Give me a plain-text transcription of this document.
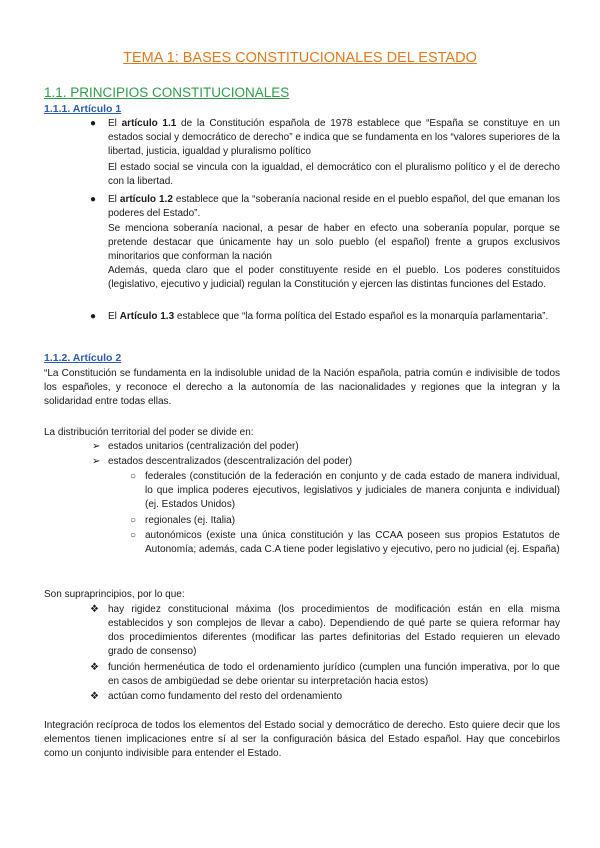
TEMA 1: BASES CONSTITUCIONALES DEL ESTADO
1.1. PRINCIPIOS CONSTITUCIONALES
1.1.1. Artículo 1
● El artículo 1.1 de la Constitución española de 1978 establece que “España se constituye en un estados social y democrático de derecho” e indica que se fundamenta en los “valores superiores de la libertad, justicia, igualdad y pluralismo político
El estado social se vincula con la igualdad, el democrático con el pluralismo político y el de derecho con la libertad.
● El artículo 1.2 establece que la “soberanía nacional reside en el pueblo español, del que emanan los poderes del Estado”.
Se menciona soberanía nacional, a pesar de haber en efecto una soberanía popular, porque se pretende destacar que únicamente hay un solo pueblo (el español) frente a grupos exclusivos minoritarios que conforman la nación
Además, queda claro que el poder constituyente reside en el pueblo. Los poderes constituidos (legislativo, ejecutivo y judicial) regulan la Constitución y ejercen las distintas funciones del Estado.
● El Artículo 1.3 establece que “la forma política del Estado español es la monarquía parlamentaria”.
1.1.2. Artículo 2
“La Constitución se fundamenta en la indisoluble unidad de la Nación española, patria común e indivisible de todos los españoles, y reconoce el derecho a la autonomía de las nacionalidades y regiones que la integran y la solidaridad entre todas ellas.
La distribución territorial del poder se divide en:
➢ estados unitarios (centralización del poder)
➢ estados descentralizados (descentralización del poder)
○ federales (constitución de la federación en conjunto y de cada estado de manera individual, lo que implica poderes ejecutivos, legislativos y judiciales de manera conjunta e individual) (ej. Estados Unidos)
○ regionales (ej. Italia)
○ autonómicos (existe una única constitución y las CCAA poseen sus propios Estatutos de Autonomía; además, cada C.A tiene poder legislativo y ejecutivo, pero no judicial (ej. España)
Son supraprincipios, por lo que:
❖ hay rigidez constitucional máxima (los procedimientos de modificación están en ella misma establecidos y son complejos de llevar a cabo). Dependiendo de qué parte se quiera reformar hay dos procedimientos diferentes (modificar las partes definitorias del Estado requieren un elevado grado de consenso)
❖ función hermenéutica de todo el ordenamiento jurídico (cumplen una función imperativa, por lo que en casos de ambigüedad se debe orientar su interpretación hacia estos)
❖ actúan como fundamento del resto del ordenamiento
Integración recíproca de todos los elementos del Estado social y democrático de derecho. Esto quiere decir que los elementos tienen implicaciones entre sí al ser la configuración básica del Estado español. Hay que concebirlos como un conjunto indivisible para entender el Estado.
